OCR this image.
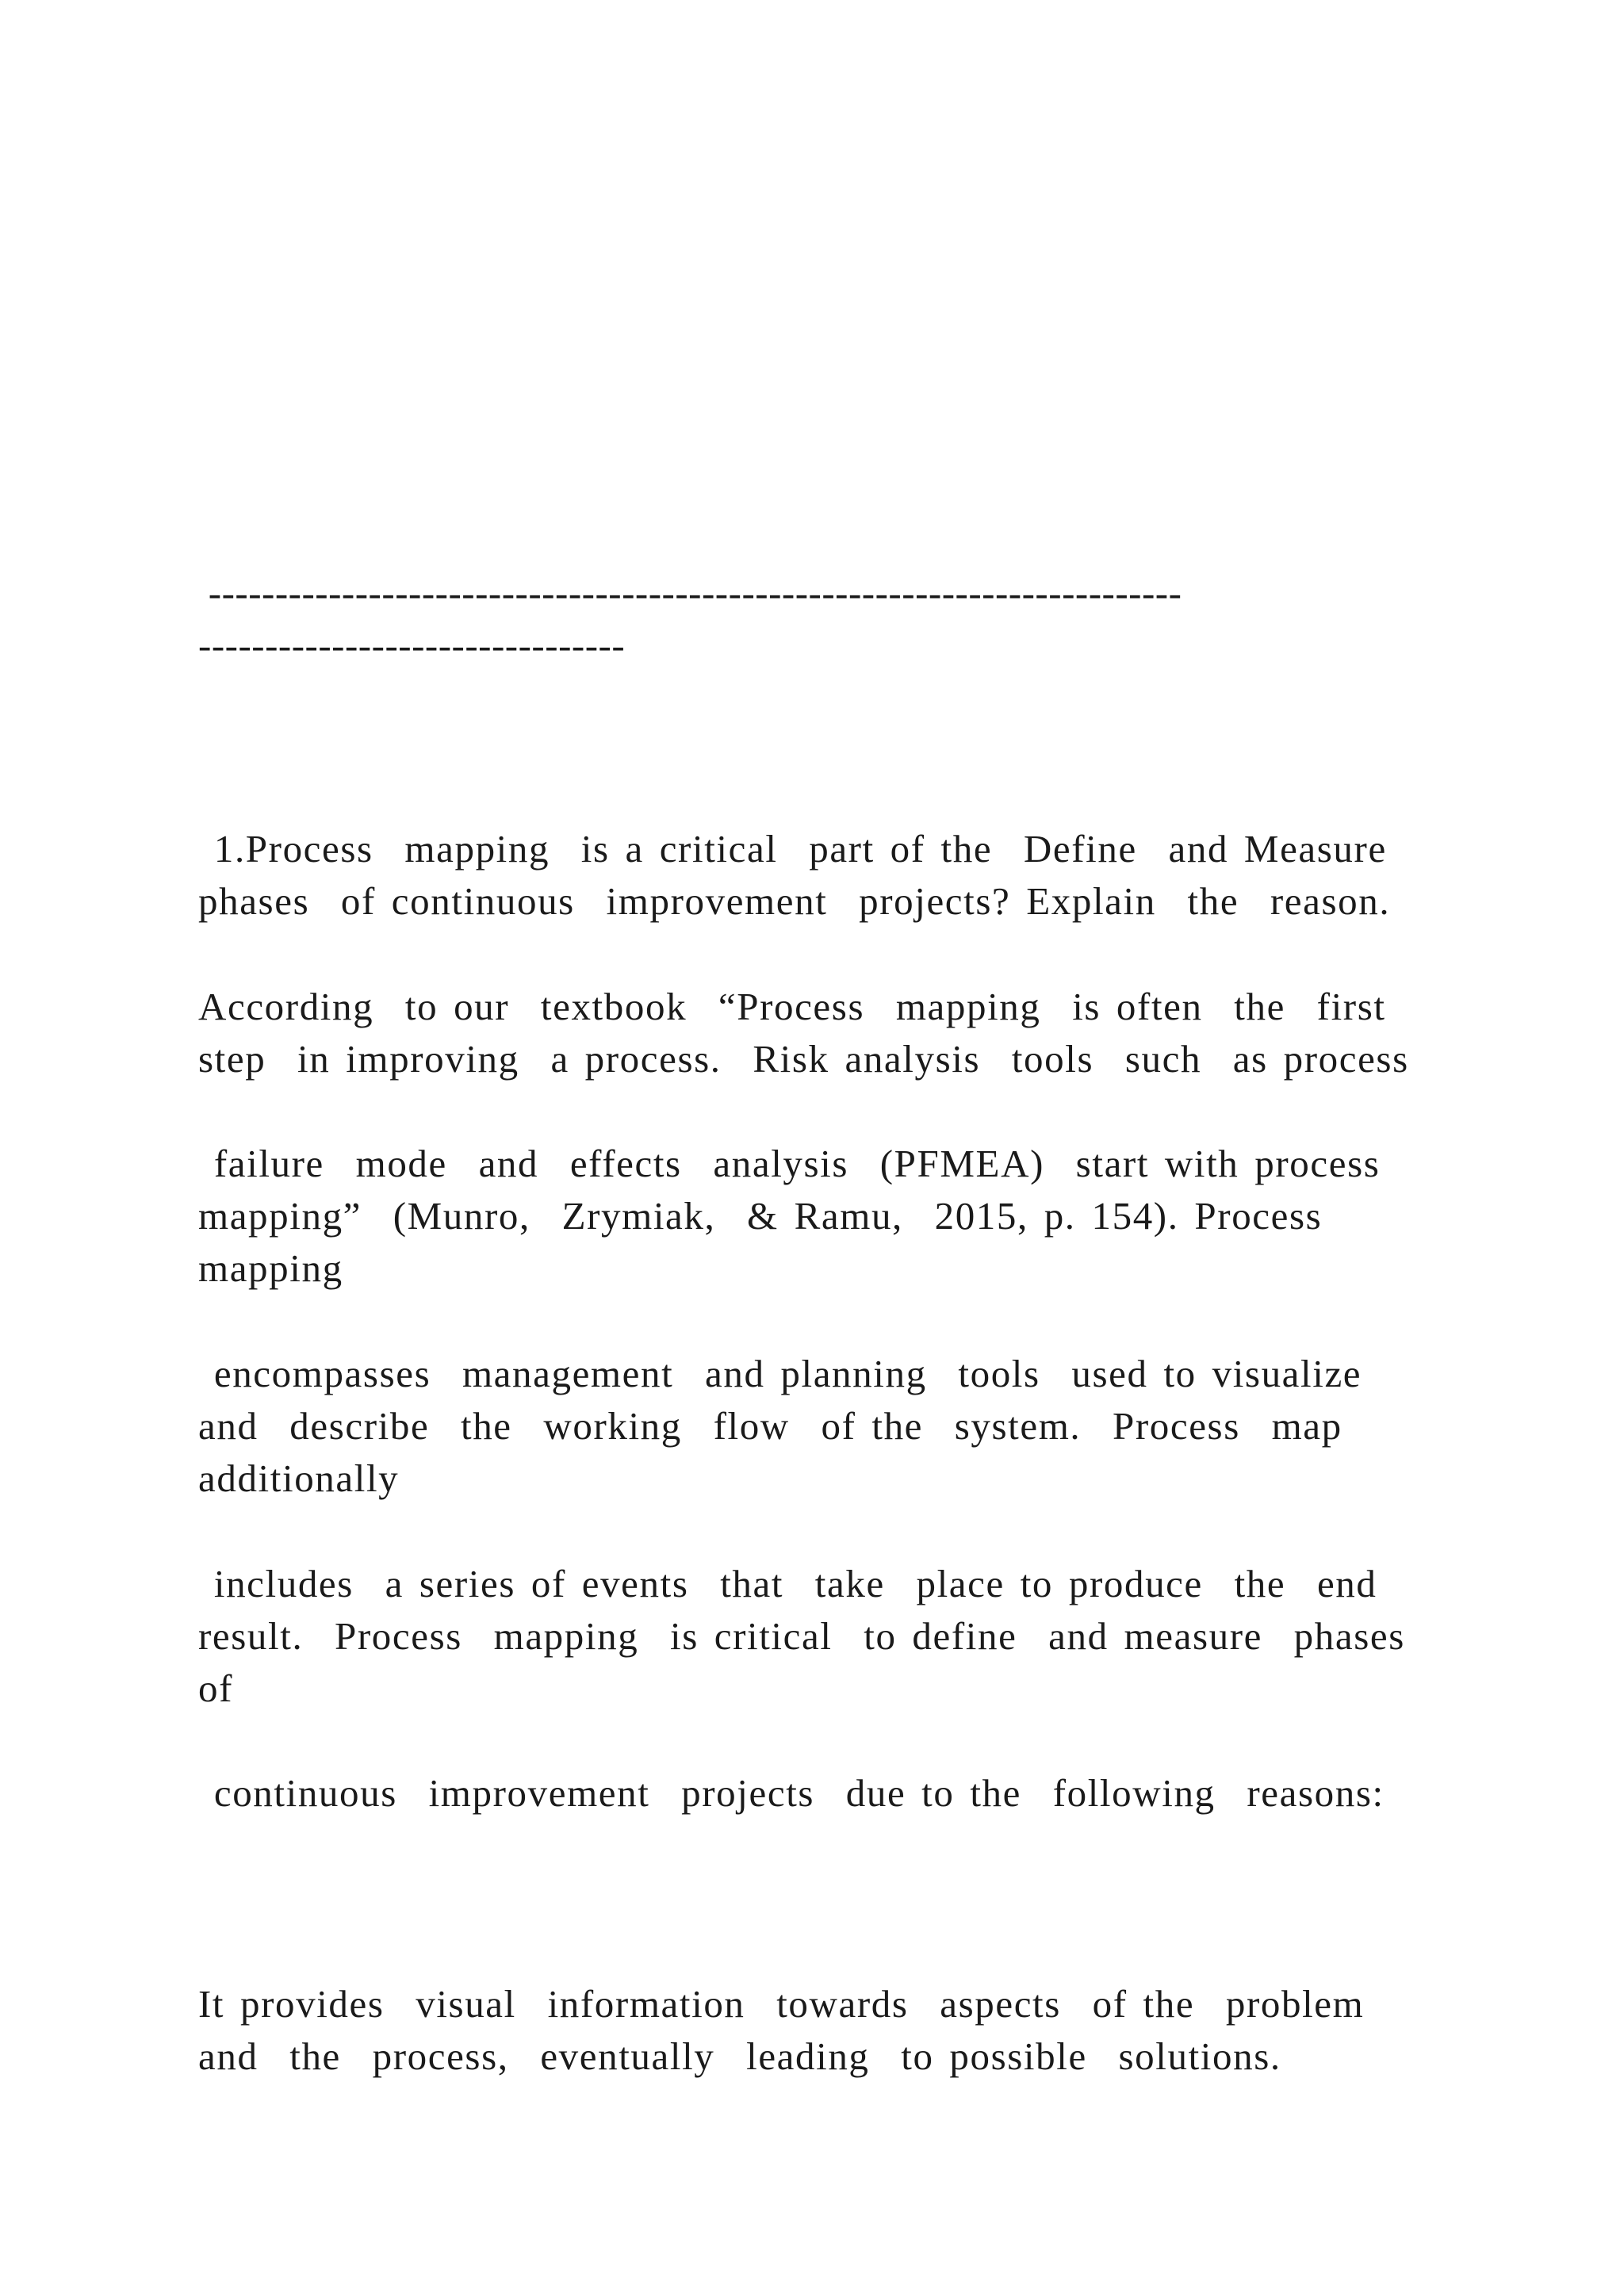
-------------------------------------------------------------------------
--------------------------------
1.Process  mapping  is a critical  part of the  Define  and Measure
phases  of continuous  improvement  projects? Explain  the  reason.
According  to our  textbook  “Process  mapping  is often  the  first
step  in improving  a process.  Risk analysis  tools  such  as process
failure  mode  and  effects  analysis  (PFMEA)  start with process
mapping”  (Munro,  Zrymiak,  & Ramu,  2015, p. 154). Process
mapping
encompasses  management  and planning  tools  used to visualize
and  describe  the  working  flow  of the  system.  Process  map
additionally
includes  a series of events  that  take  place to produce  the  end
result.  Process  mapping  is critical  to define  and measure  phases
of
continuous  improvement  projects  due to the  following  reasons:
It provides  visual  information  towards  aspects  of the  problem
and  the  process,  eventually  leading  to possible  solutions.
